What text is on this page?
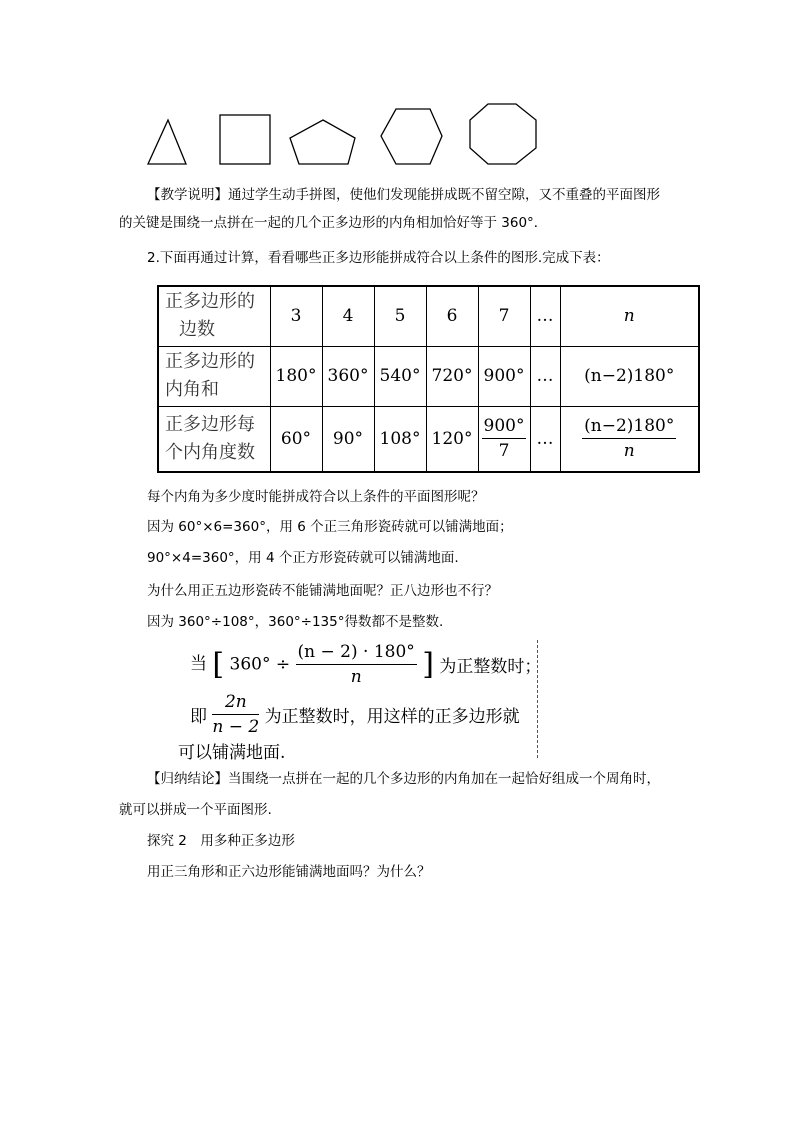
【教学说明】通过学生动手拼图，使他们发现能拼成既不留空隙，又不重叠的平面图形
的关键是围绕一点拼在一起的几个正多边形的内角相加恰好等于 360°．
2.下面再通过计算，看看哪些正多边形能拼成符合以上条件的图形.完成下表：
正多边形的
边数	3	4	5	6	7	…	n
正多边形的
内角和	180°	360°	540°	720°	900°	…	(n−2)180°
正多边形每
个内角度数	60°	90°	108°	120°	$\frac{900^\circ}{7}$	…	$\frac{(n-2)180^\circ}{n}$
每个内角为多少度时能拼成符合以上条件的平面图形呢？
因为 60°×6=360°，用 6 个正三角形瓷砖就可以铺满地面；
90°×4=360°，用 4 个正方形瓷砖就可以铺满地面.
为什么用正五边形瓷砖不能铺满地面呢？正八边形也不行？
因为 360°÷108°，360°÷135°得数都不是整数.
当 [ $360^\circ \div \frac{(n - 2) \cdot 180^\circ}{n}$ ] 为正整数时；
即 $\frac{2n}{n - 2}$ 为正整数时，用这样的正多边形就
可以铺满地面.
【归纳结论】当围绕一点拼在一起的几个多边形的内角加在一起恰好组成一个周角时，
就可以拼成一个平面图形.
探究 2　用多种正多边形
用正三角形和正六边形能铺满地面吗？为什么？
